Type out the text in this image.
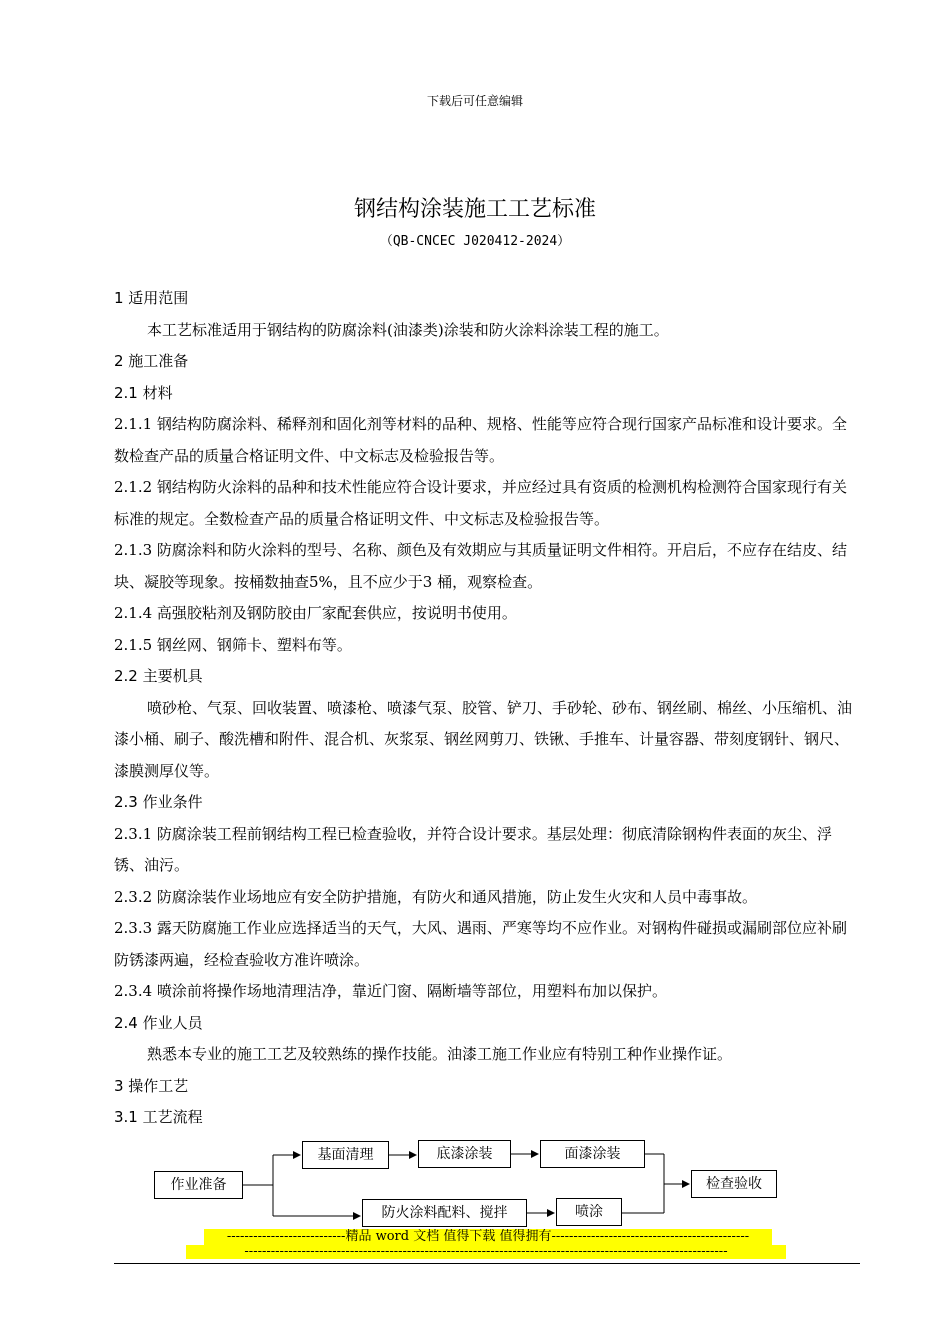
下载后可任意编辑
钢结构涂装施工工艺标准
（QB-CNCEC J020412-2024）

1 适用范围

本工艺标准适用于钢结构的防腐涂料(油漆类)涂装和防火涂料涂装工程的施工。

2 施工准备

2.1 材料

2.1.1 钢结构防腐涂料、稀释剂和固化剂等材料的品种、规格、性能等应符合现行国家产品标准和设计要求。全数检查产品的质量合格证明文件、中文标志及检验报告等。

2.1.2 钢结构防火涂料的品种和技术性能应符合设计要求，并应经过具有资质的检测机构检测符合国家现行有关标准的规定。全数检查产品的质量合格证明文件、中文标志及检验报告等。

2.1.3 防腐涂料和防火涂料的型号、名称、颜色及有效期应与其质量证明文件相符。开启后，不应存在结皮、结块、凝胶等现象。按桶数抽查5%，且不应少于3 桶，观察检查。

2.1.4 高强胶粘剂及钢防胶由厂家配套供应，按说明书使用。

2.1.5 钢丝网、钢筛卡、塑料布等。

2.2 主要机具

喷砂枪、气泵、回收装置、喷漆枪、喷漆气泵、胶管、铲刀、手砂轮、砂布、钢丝刷、棉丝、小压缩机、油漆小桶、刷子、酸洗槽和附件、混合机、灰浆泵、钢丝网剪刀、铁锹、手推车、计量容器、带刻度钢针、钢尺、漆膜测厚仪等。

2.3 作业条件

2.3.1 防腐涂装工程前钢结构工程已检查验收，并符合设计要求。基层处理：彻底清除钢构件表面的灰尘、浮锈、油污。

2.3.2 防腐涂装作业场地应有安全防护措施，有防火和通风措施，防止发生火灾和人员中毒事故。

2.3.3 露天防腐施工作业应选择适当的天气，大风、遇雨、严寒等均不应作业。对钢构件碰损或漏刷部位应补刷防锈漆两遍，经检查验收方准许喷涂。

2.3.4 喷涂前将操作场地清理洁净，靠近门窗、隔断墙等部位，用塑料布加以保护。

2.4 作业人员

熟悉本专业的施工工艺及较熟练的操作技能。油漆工施工作业应有特别工种作业操作证。

3 操作工艺

3.1 工艺流程

作业准备
基面清理	底漆涂装	面漆涂装
防火涂料配料、搅拌	喷涂
检查验收
---------------------------精品 word 文档 值得下载 值得拥有---------------------------------------------
--------------------------------------------------------------------------------------------------------------
